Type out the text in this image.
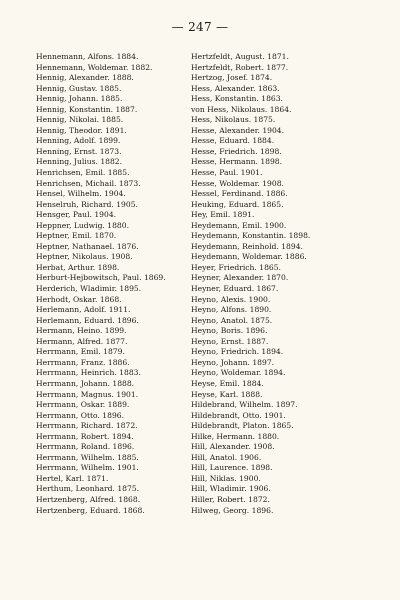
— 247 —
Hennemann, Alfons. 1884.
Hennemann, Woldemar. 1882.
Hennig, Alexander. 1888.
Hennig, Gustav. 1885.
Hennig, Johann. 1885.
Hennig, Konstantin. 1887.
Hennig, Nikolai. 1885.
Hennig, Theodor. 1891.
Henning, Adolf. 1899.
Henning, Ernst. 1873.
Henning, Julius. 1882.
Henrichsen, Emil. 1885.
Henrichsen, Michail. 1873.
Hensel, Wilhelm. 1904.
Henselruh, Richard. 1905.
Hensger, Paul. 1904.
Heppner, Ludwig. 1880.
Heptner, Emil. 1870.
Heptner, Nathanael. 1876.
Heptner, Nikolaus. 1908.
Herbat, Arthur. 1898.
Herburt-Hejbowitsch, Paul. 1869.
Herderich, Wladimir. 1895.
Herhodt, Oskar. 1868.
Herlemann, Adolf. 1911.
Herlemann, Eduard. 1896.
Hermann, Heino. 1899.
Hermann, Alfred. 1877.
Herrmann, Emil. 1879.
Herrmann, Franz. 1886.
Herrmann, Heinrich. 1883.
Herrmann, Johann. 1888.
Herrmann, Magnus. 1901.
Herrmann, Oskar. 1889.
Herrmann, Otto. 1896.
Herrmann, Richard. 1872.
Herrmann, Robert. 1894.
Herrmann, Roland. 1896.
Herrmann, Wilhelm. 1885.
Herrmann, Wilhelm. 1901.
Hertel, Karl. 1871.
Herthum, Leonhard. 1875.
Hertzenberg, Alfred. 1868.
Hertzenberg, Eduard. 1868.
Hertzfeldt, August. 1871.
Hertzfeldt, Robert. 1877.
Hertzog, Josef. 1874.
Hess, Alexander. 1863.
Hess, Konstantin. 1863.
von Hess, Nikolaus. 1864.
Hess, Nikolaus. 1875.
Hesse, Alexander. 1904.
Hesse, Eduard. 1884.
Hesse, Friedrich. 1898.
Hesse, Hermann. 1898.
Hesse, Paul. 1901.
Hesse, Woldemar. 1908.
Hessel, Ferdinand. 1886.
Heuking, Eduard. 1865.
Hey, Emil. 1891.
Heydemann, Emil. 1900.
Heydemann, Konstantin. 1898.
Heydemann, Reinhold. 1894.
Heydemann, Woldemar. 1886.
Heyer, Friedrich. 1865.
Heyner, Alexander. 1870.
Heyner, Eduard. 1867.
Heyno, Alexis. 1900.
Heyno, Alfons. 1890.
Heyno, Anatol. 1875.
Heyno, Boris. 1896.
Heyno, Ernst. 1887.
Heyno, Friedrich. 1894.
Heyno, Johann. 1897.
Heyno, Woldemar. 1894.
Heyse, Emil. 1884.
Heyse, Karl. 1888.
Hildebrand, Wilhelm. 1897.
Hildebrandt, Otto. 1901.
Hildebrandt, Platon. 1865.
Hilke, Hermann. 1880.
Hill, Alexander. 1908.
Hill, Anatol. 1906.
Hill, Laurence. 1898.
Hill, Niklas. 1900.
Hill, Wladimir. 1906.
Hiller, Robert. 1872.
Hilweg, Georg. 1896.
